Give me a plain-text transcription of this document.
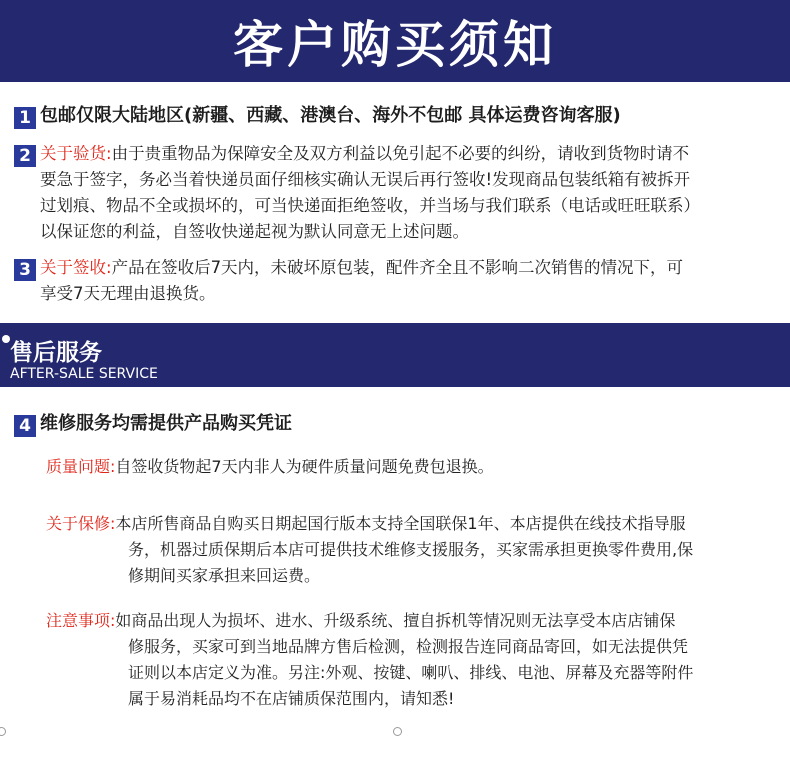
客户购买须知
1 包邮仅限大陆地区(新疆、西藏、港澳台、海外不包邮 具体运费咨询客服)
2 关于验货:由于贵重物品为保障安全及双方利益以免引起不必要的纠纷，请收到货物时请不
要急于签字，务必当着快递员面仔细核实确认无误后再行签收!发现商品包装纸箱有被拆开
过划痕、物品不全或损坏的，可当快递面拒绝签收，并当场与我们联系（电话或旺旺联系）
以保证您的利益，自签收快递起视为默认同意无上述问题。
3 关于签收:产品在签收后7天内，未破坏原包装，配件齐全且不影响二次销售的情况下，可
享受7天无理由退换货。
售后服务
AFTER-SALE SERVICE
4 维修服务均需提供产品购买凭证
质量问题:自签收货物起7天内非人为硬件质量问题免费包退换。
关于保修:本店所售商品自购买日期起国行版本支持全国联保1年、本店提供在线技术指导服
务，机器过质保期后本店可提供技术维修支援服务，买家需承担更换零件费用,保
修期间买家承担来回运费。
注意事项:如商品出现人为损坏、进水、升级系统、擅自拆机等情况则无法享受本店店铺保
修服务，买家可到当地品牌方售后检测，检测报告连同商品寄回，如无法提供凭
证则以本店定义为准。另注:外观、按键、喇叭、排线、电池、屏幕及充器等附件
属于易消耗品均不在店铺质保范围内，请知悉!
